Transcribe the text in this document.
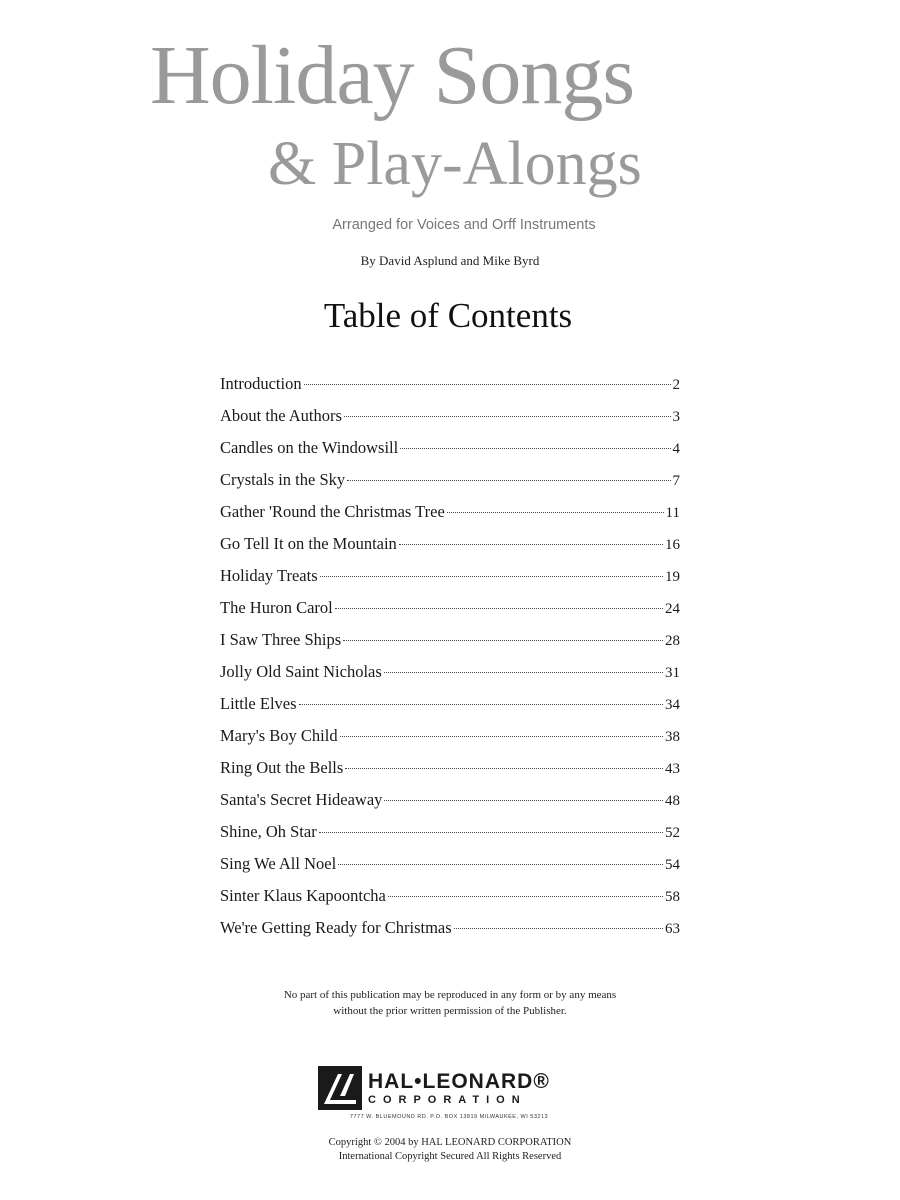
Holiday Songs
& Play-Alongs
Arranged for Voices and Orff Instruments
By David Asplund and Mike Byrd
Table of Contents
Introduction	2
About the Authors	3
Candles on the Windowsill	4
Crystals in the Sky	7
Gather 'Round the Christmas Tree	11
Go Tell It on the Mountain	16
Holiday Treats	19
The Huron Carol	24
I Saw Three Ships	28
Jolly Old Saint Nicholas	31
Little Elves	34
Mary's Boy Child	38
Ring Out the Bells	43
Santa's Secret Hideaway	48
Shine, Oh Star	52
Sing We All Noel	54
Sinter Klaus Kapoontcha	58
We're Getting Ready for Christmas	63
No part of this publication may be reproduced in any form or by any means
without the prior written permission of the Publisher.
HAL•LEONARD®
CORPORATION
7777 W. BLUEMOUND RD. P.O. BOX 13819 MILWAUKEE, WI 53213
Copyright © 2004 by HAL LEONARD CORPORATION
International Copyright Secured All Rights Reserved
